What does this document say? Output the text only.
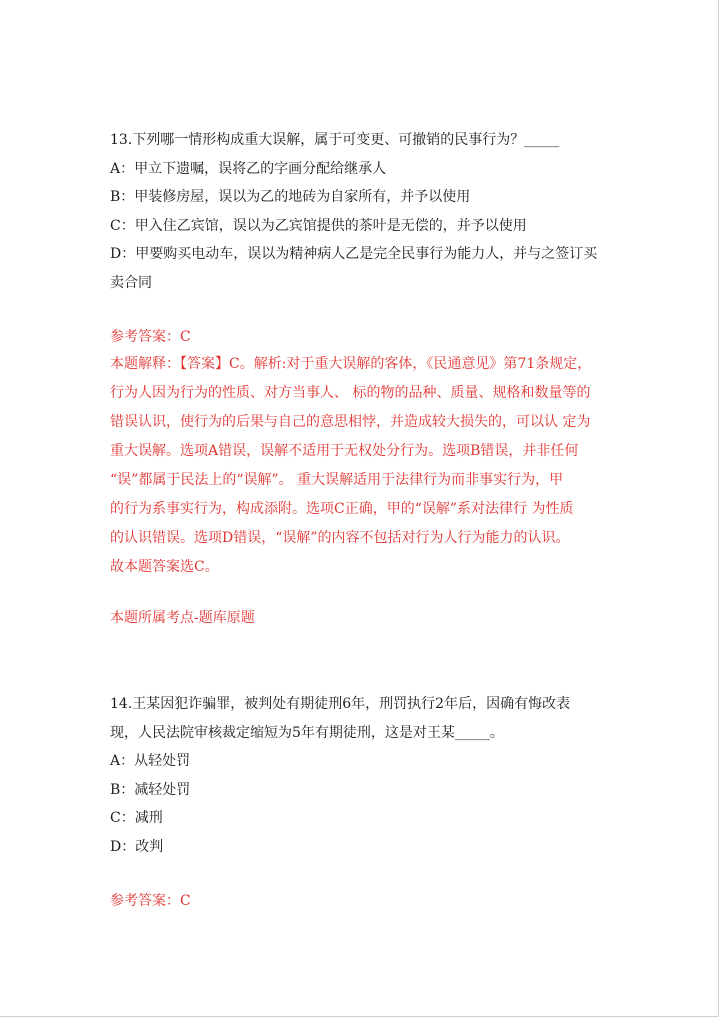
13.下列哪一情形构成重大误解，属于可变更、可撤销的民事行为？_____
A：甲立下遗嘱，误将乙的字画分配给继承人
B：甲装修房屋，误以为乙的地砖为自家所有，并予以使用
C：甲入住乙宾馆，误以为乙宾馆提供的茶叶是无偿的，并予以使用
D：甲要购买电动车，误以为精神病人乙是完全民事行为能力人，并与之签订买
卖合同
参考答案：C
本题解释：【答案】C。解析:对于重大误解的客体，《民通意见》第71条规定，
行为人因为行为的性质、对方当事人、 标的物的品种、质量、规格和数量等的
错误认识，使行为的后果与自己的意思相悖，并造成较大损失的，可以认 定为
重大误解。选项A错误，误解不适用于无权处分行为。选项B错误，并非任何
“误”都属于民法上的“误解”。 重大误解适用于法律行为而非事实行为，甲
的行为系事实行为，构成添附。选项C正确，甲的“误解”系对法律行 为性质
的认识错误。选项D错误，“误解”的内容不包括对行为人行为能力的认识。
故本题答案选C。
本题所属考点-题库原题
14.王某因犯诈骗罪，被判处有期徒刑6年，刑罚执行2年后，因确有悔改表
现，人民法院审核裁定缩短为5年有期徒刑，这是对王某_____。
A：从轻处罚
B：减轻处罚
C：减刑
D：改判
参考答案：C
